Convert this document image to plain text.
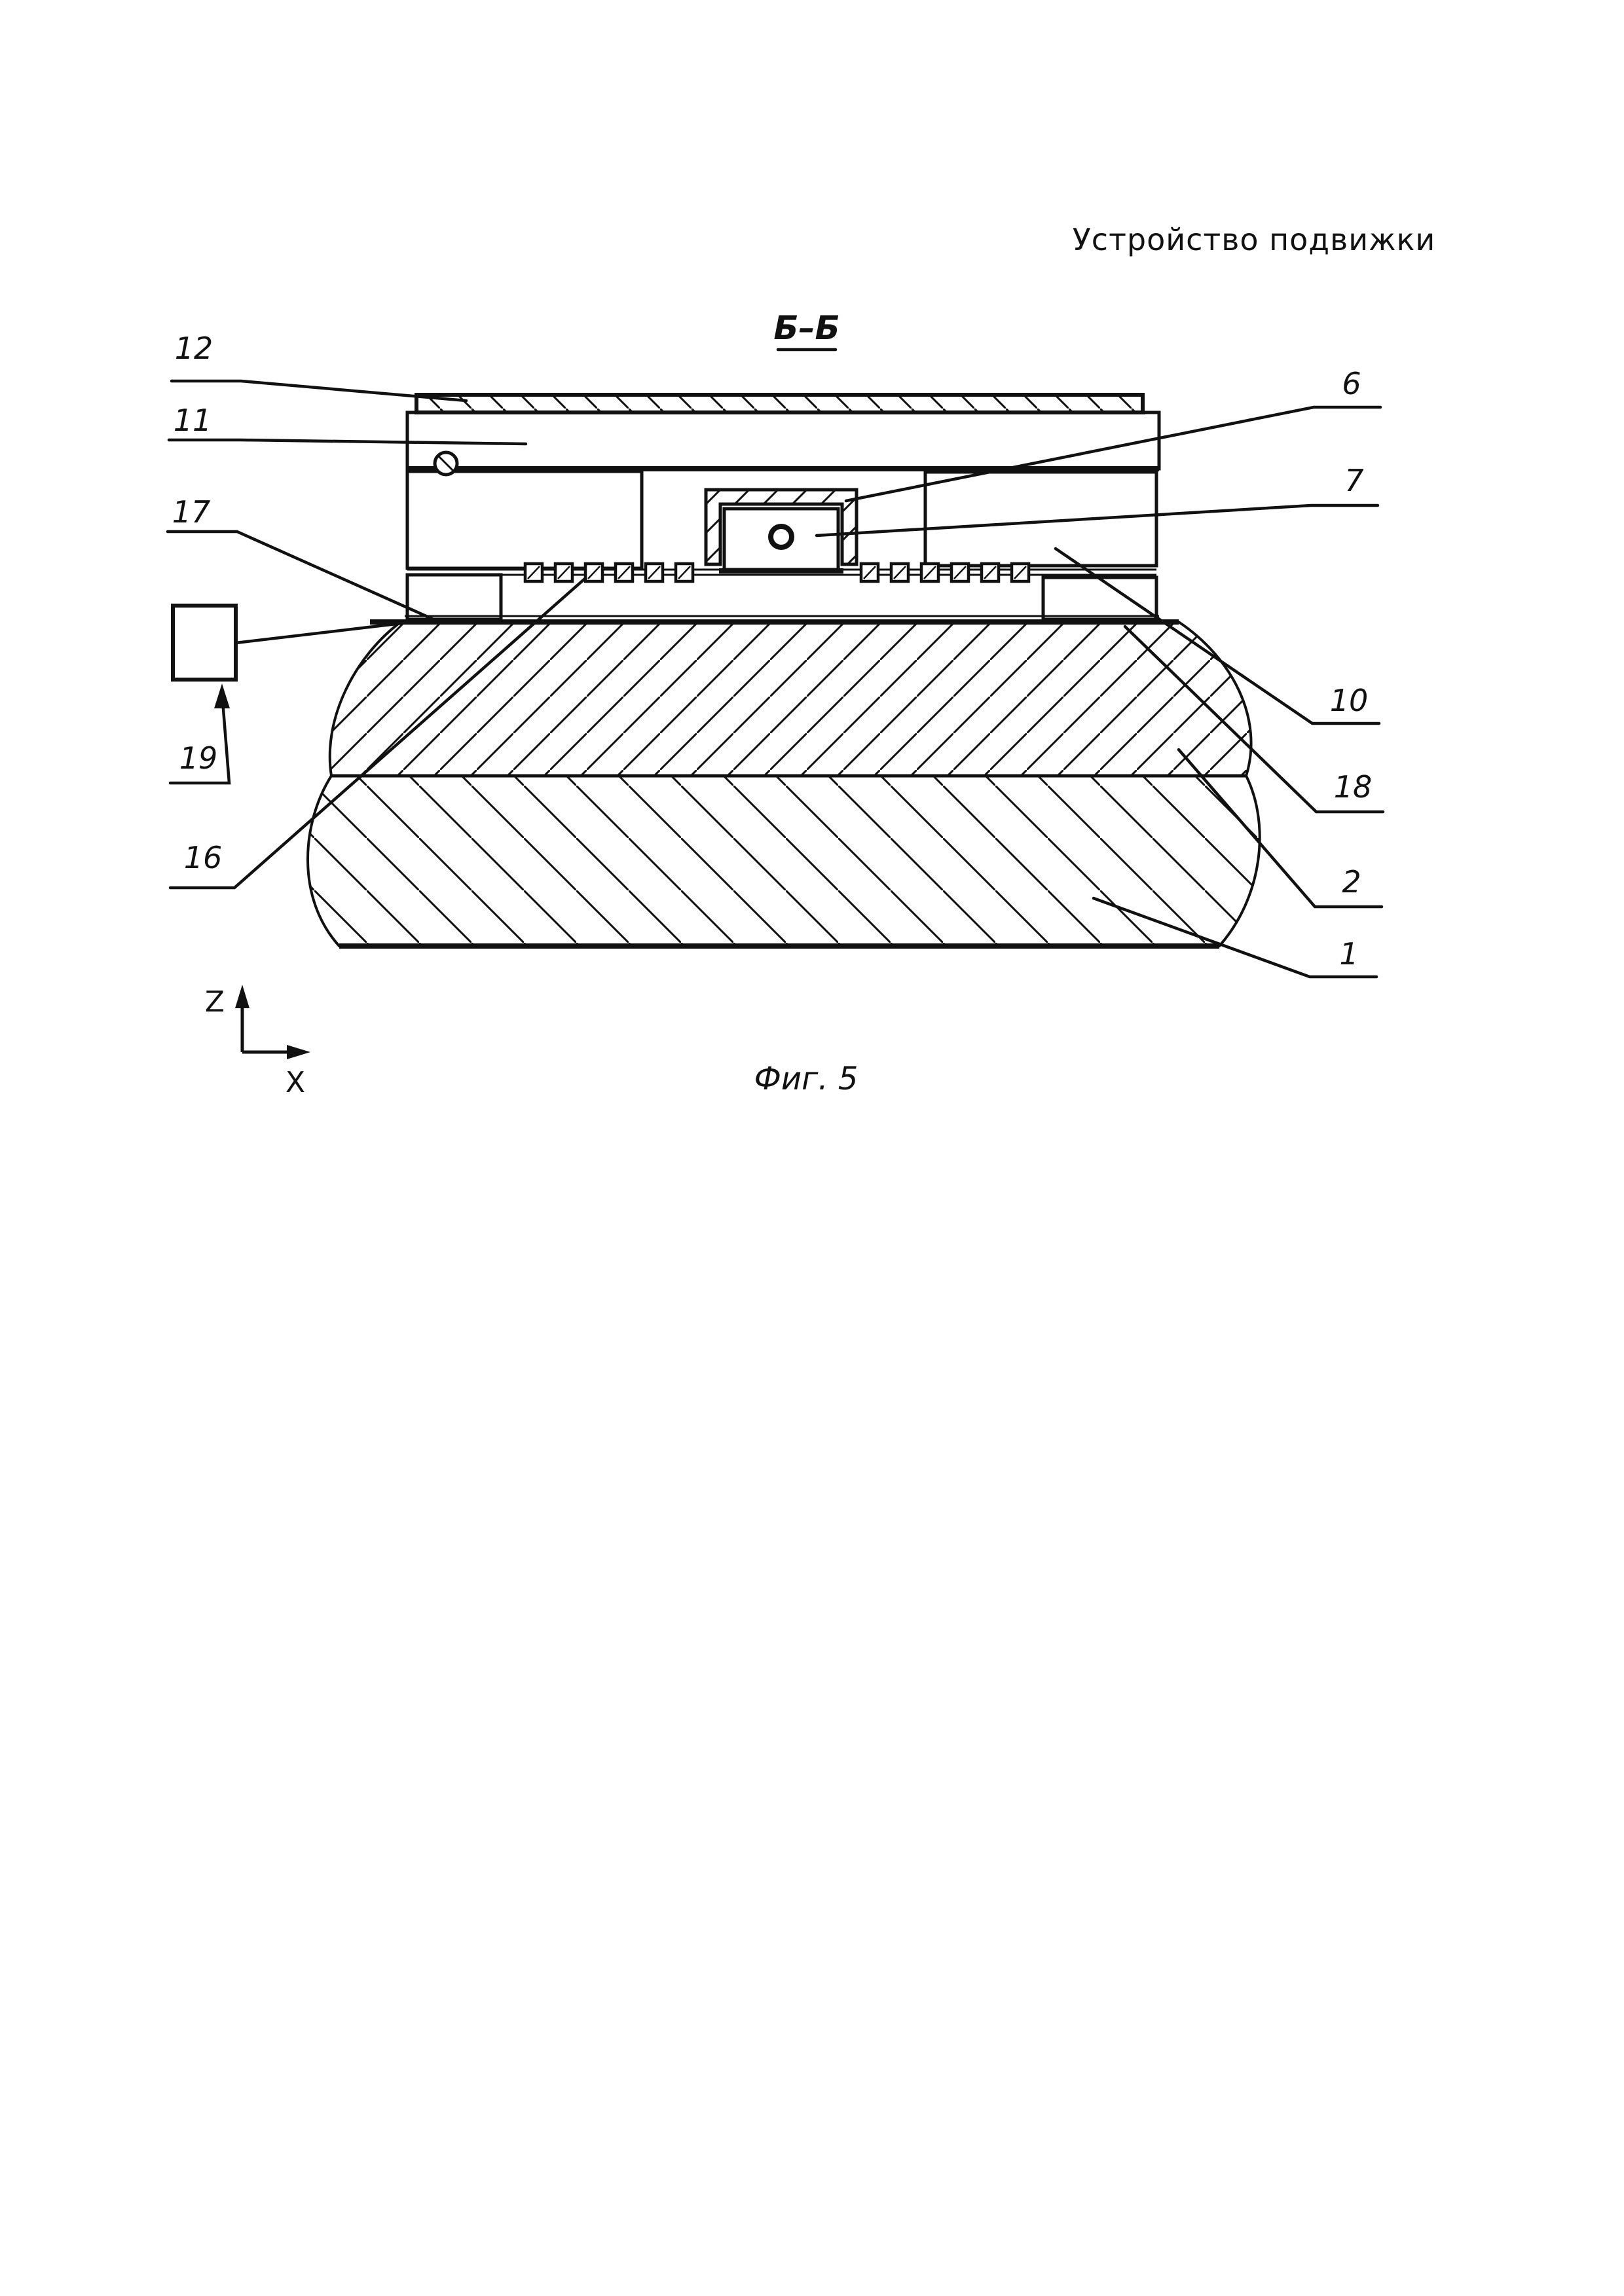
12
11
17
19
16
6
7
10
18
2
1
Устройство подвижки
Б–Б
Фиг. 5
Z
X
